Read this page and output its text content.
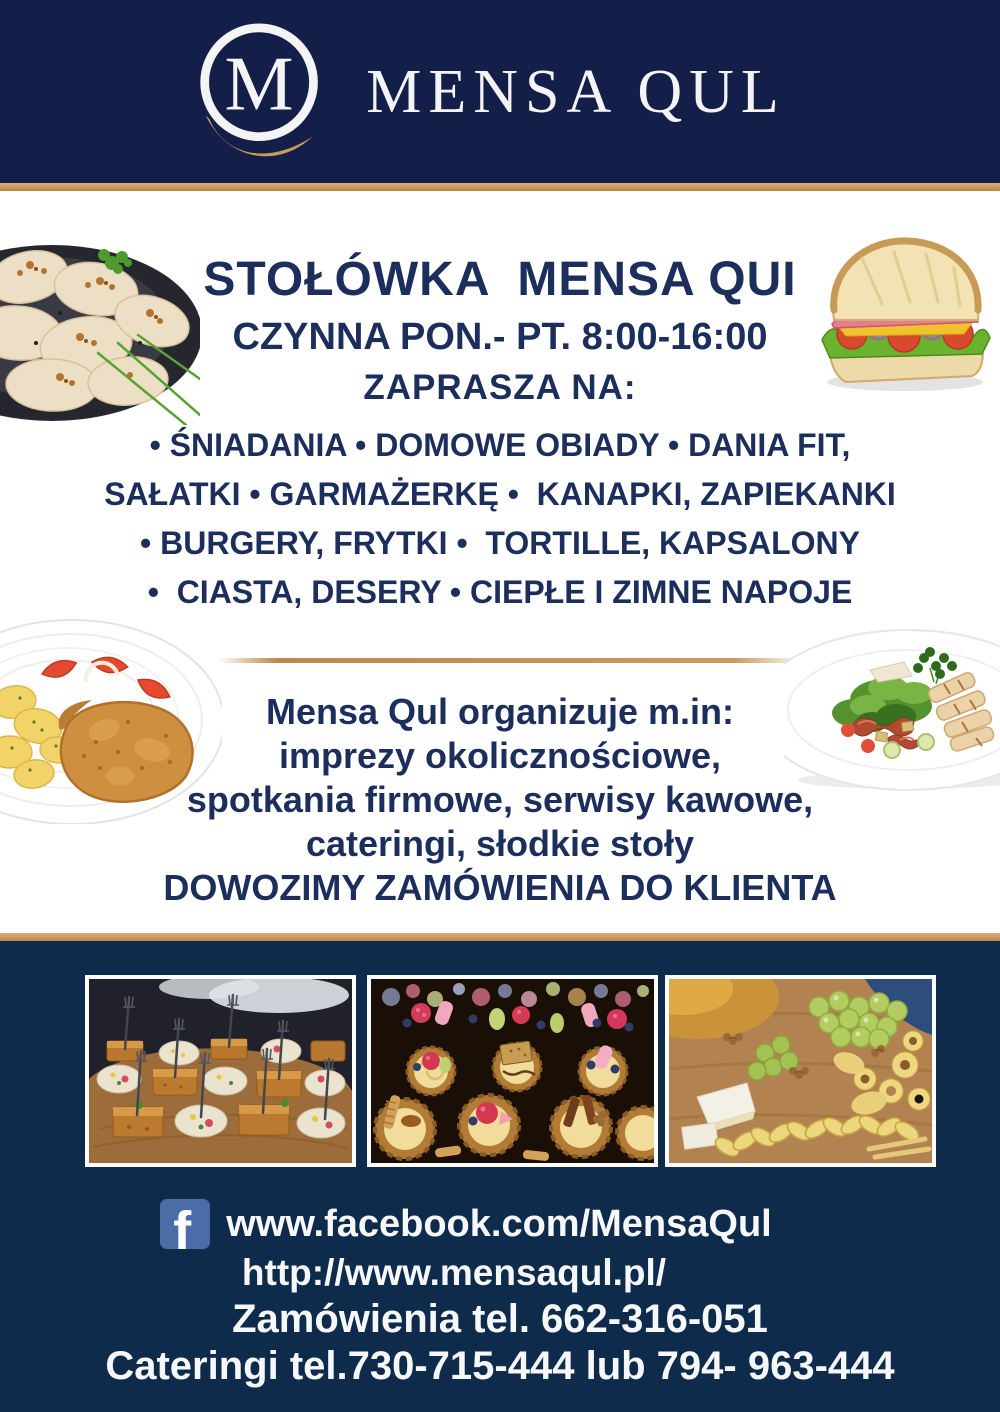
M MENSA QUL
STOŁÓWKA  MENSA QUI
CZYNNA PON.- PT. 8:00-16:00
ZAPRASZA NA:
• ŚNIADANIA • DOMOWE OBIADY • DANIA FIT,
SAŁATKI • GARMAŻERKĘ •  KANAPKI, ZAPIEKANKI
• BURGERY, FRYTKI •  TORTILLE, KAPSALONY
•  CIASTA, DESERY • CIEPŁE I ZIMNE NAPOJE
Mensa Qul organizuje m.in:
imprezy okolicznościowe,
spotkania firmowe, serwisy kawowe,
cateringi, słodkie stoły
DOWOZIMY ZAMÓWIENIA DO KLIENTA
f www.facebook.com/MensaQul
http://www.mensaqul.pl/
Zamówienia tel. 662-316-051
Cateringi tel.730-715-444 lub 794- 963-444
